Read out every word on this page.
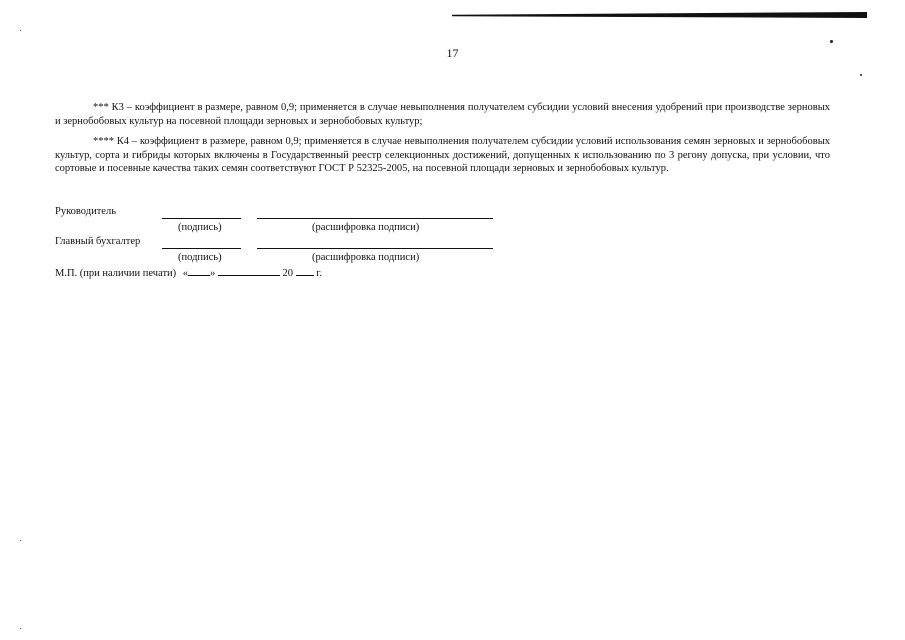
17

*** К3 – коэффициент в размере, равном 0,9; применяется в случае невыполнения получателем субсидии условий внесения удобрений при производстве зерновых и зернобобовых культур на посевной площади зерновых и зернобобовых культур;

**** К4 – коэффициент в размере, равном 0,9; применяется в случае невыполнения получателем субсидии условий использования семян зерновых и зернобобовых культур, сорта и гибриды которых включены в Государственный реестр селекционных достижений, допущенных к использованию по 3 регону допуска, при условии, что сортовые и посевные качества таких семян соответствуют ГОСТ Р 52325-2005, на посевной площади зерновых и зернобобовых культур.

Руководитель
(подпись)	(расшифровка подписи)
Главный бухгалтер
(подпись)	(расшифровка подписи)
М.П. (при наличии печати) « »	20 г.
